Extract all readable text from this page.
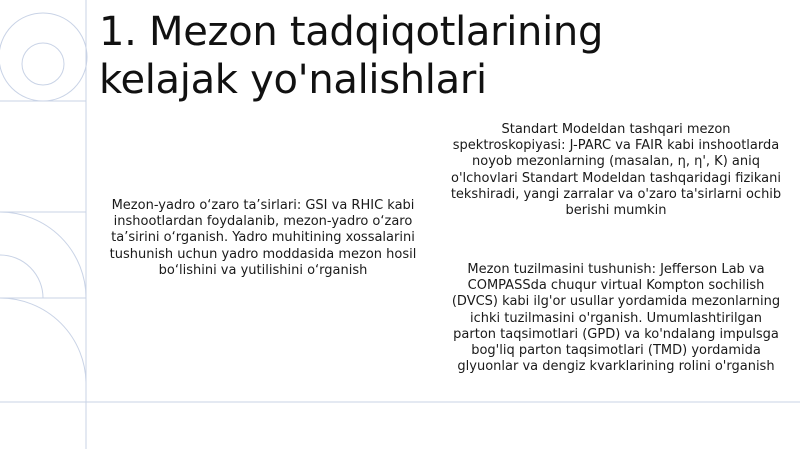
1. Mezon tadqiqotlarining
kelajak yo'nalishlari

Mezon-yadro o‘zaro ta’sirlari: GSI va RHIC kabi inshootlardan foydalanib, mezon-yadro o‘zaro ta’sirini o‘rganish. Yadro muhitining xossalarini tushunish uchun yadro moddasida mezon hosil bo‘lishini va yutilishini o‘rganish

Standart Modeldan tashqari mezon spektroskopiyasi: J-PARC va FAIR kabi inshootlarda noyob mezonlarning (masalan, η, η', K) aniq o'lchovlari Standart Modeldan tashqaridagi fizikani tekshiradi, yangi zarralar va o'zaro ta'sirlarni ochib berishi mumkin

Mezon tuzilmasini tushunish: Jefferson Lab va COMPASSda chuqur virtual Kompton sochilish (DVCS) kabi ilg'or usullar yordamida mezonlarning ichki tuzilmasini o'rganish. Umumlashtirilgan parton taqsimotlari (GPD) va ko'ndalang impulsga bog'liq parton taqsimotlari (TMD) yordamida glyuonlar va dengiz kvarklarining rolini o'rganish
